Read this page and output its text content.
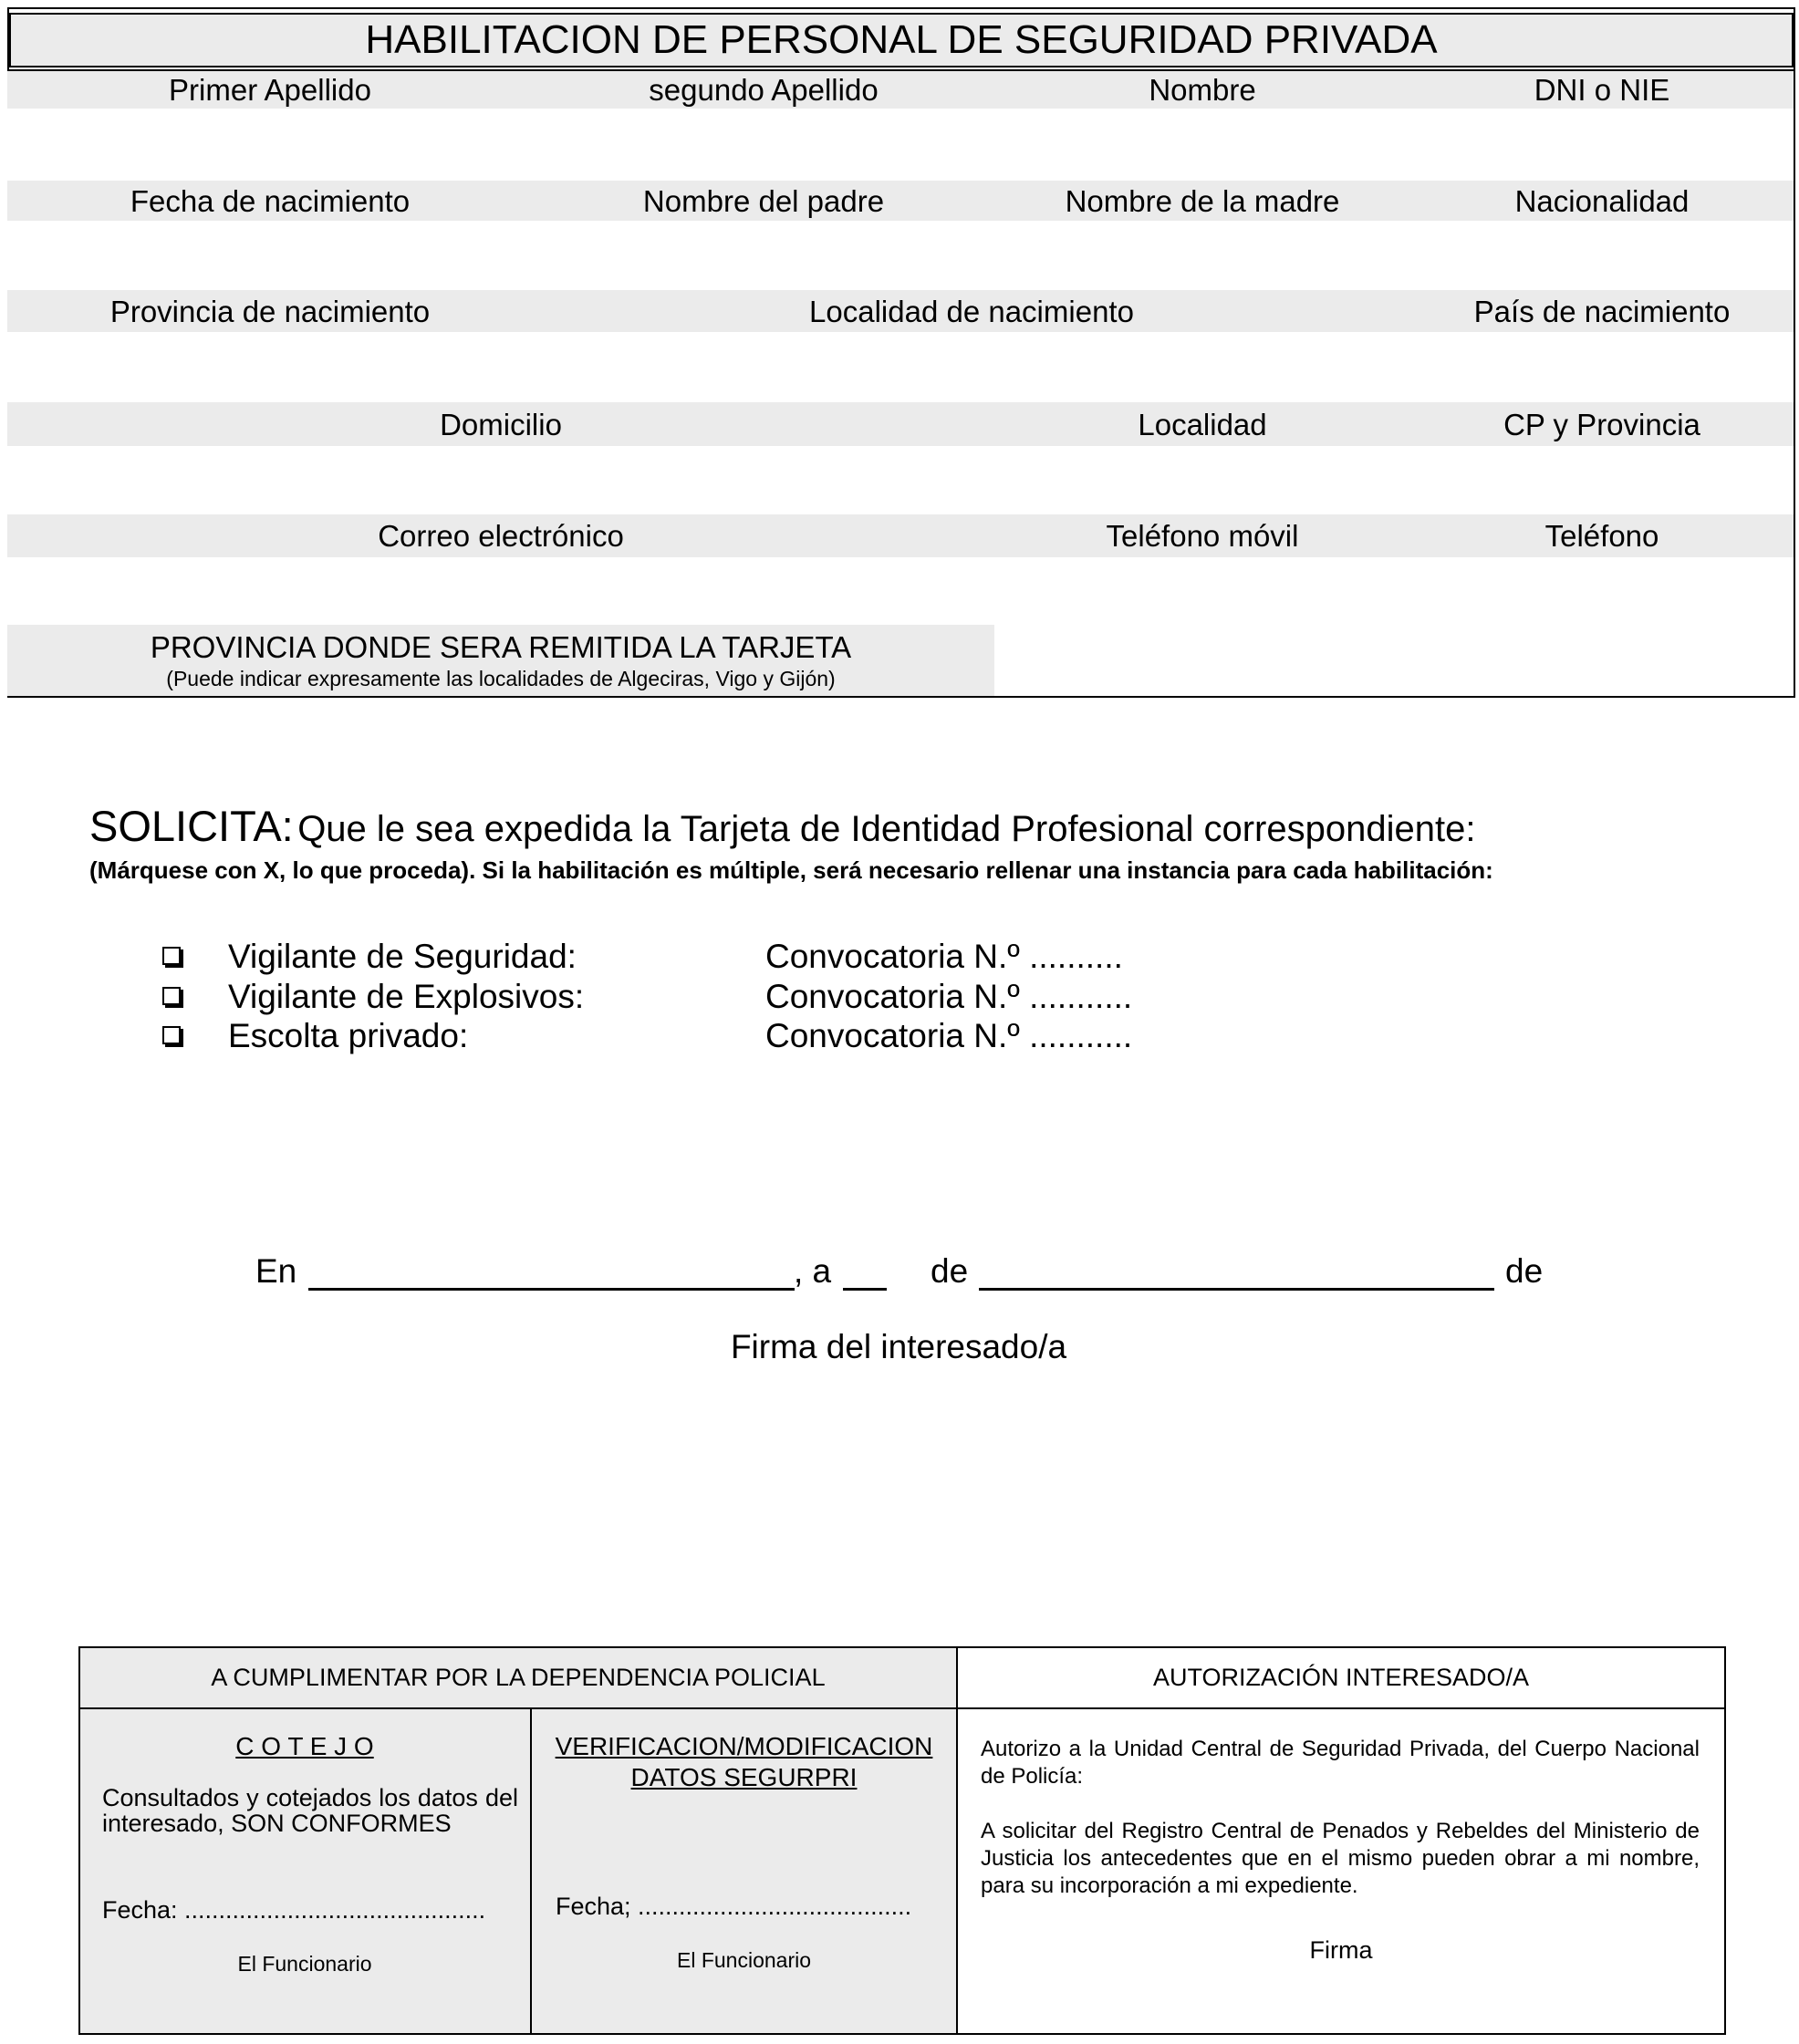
HABILITACION DE PERSONAL DE SEGURIDAD PRIVADA
Primer Apellido	segundo Apellido	Nombre	DNI o NIE
Fecha de nacimiento	Nombre del padre	Nombre de la madre	Nacionalidad
Provincia de nacimiento	Localidad de nacimiento	País de nacimiento
Domicilio	Localidad	CP y Provincia
Correo electrónico	Teléfono móvil	Teléfono
PROVINCIA DONDE SERA REMITIDA LA TARJETA
(Puede indicar expresamente las localidades de Algeciras, Vigo y Gijón)
SOLICITA: Que le sea expedida la Tarjeta de Identidad Profesional correspondiente:
(Márquese con X, lo que proceda). Si la habilitación es múltiple, será necesario rellenar una instancia para cada habilitación:
Vigilante de Seguridad:	Convocatoria N.º ..........
Vigilante de Explosivos:	Convocatoria N.º ...........
Escolta privado:	Convocatoria N.º ...........
En	, a	de	de
Firma del interesado/a
A CUMPLIMENTAR POR LA DEPENDENCIA POLICIAL	AUTORIZACIÓN INTERESADO/A
C O T E J O
Consultados y cotejados los datos del interesado, SON CONFORMES
Fecha: ............................................
El Funcionario
VERIFICACION/MODIFICACION
DATOS SEGURPRI
Fecha; ........................................
El Funcionario
Autorizo a la Unidad Central de Seguridad Privada, del Cuerpo Nacional de Policía:
A solicitar del Registro Central de Penados y Rebeldes del Ministerio de Justicia los antecedentes que en el mismo pueden obrar a mi nombre, para su incorporación a mi expediente.
Firma
